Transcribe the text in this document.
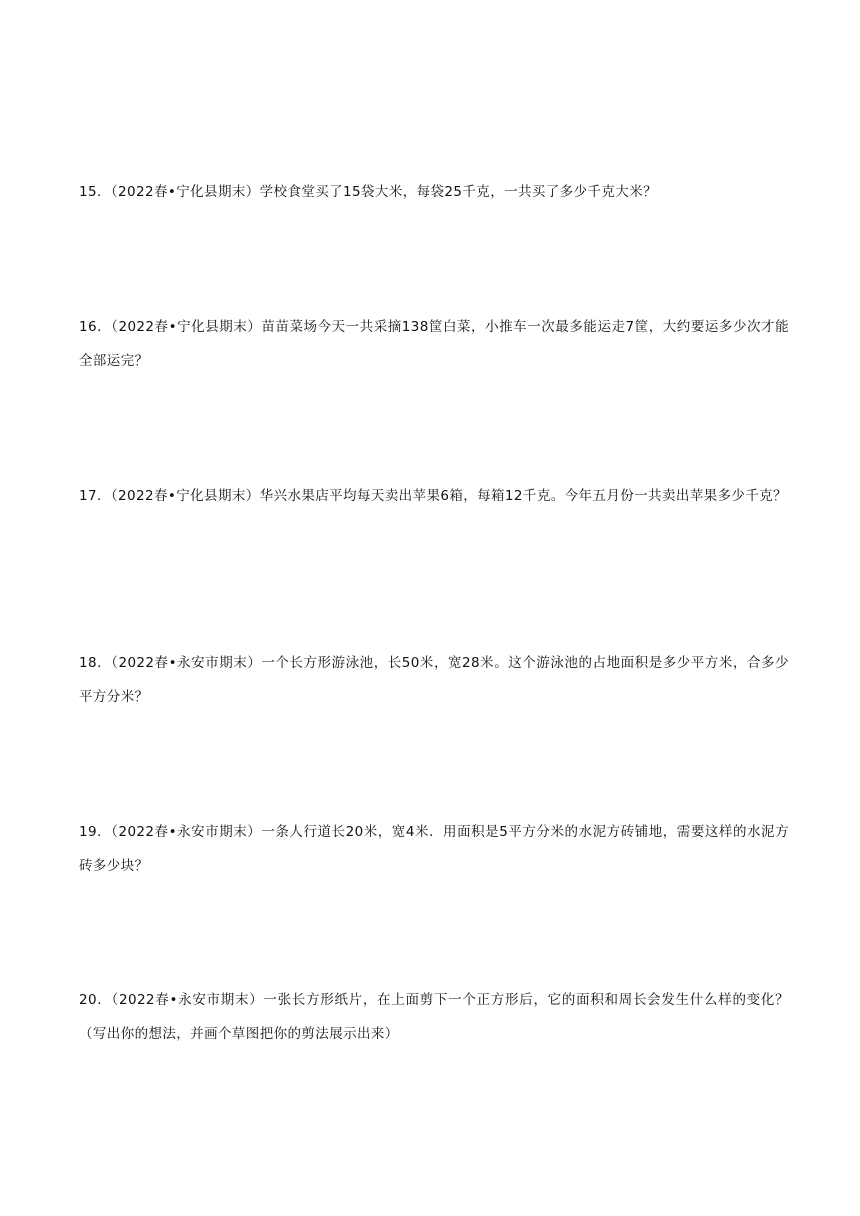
15．（2022春•宁化县期末）学校食堂买了15袋大米，每袋25千克，一共买了多少千克大米？

16．（2022春•宁化县期末）苗苗菜场今天一共采摘138筐白菜，小推车一次最多能运走7筐，大约要运多少次才能全部运完？

17．（2022春•宁化县期末）华兴水果店平均每天卖出苹果6箱，每箱12千克。今年五月份一共卖出苹果多少千克？

18．（2022春•永安市期末）一个长方形游泳池，长50米，宽28米。这个游泳池的占地面积是多少平方米，合多少平方分米？

19．（2022春•永安市期末）一条人行道长20米，宽4米．用面积是5平方分米的水泥方砖铺地，需要这样的水泥方砖多少块？

20．（2022春•永安市期末）一张长方形纸片，在上面剪下一个正方形后，它的面积和周长会发生什么样的变化？（写出你的想法，并画个草图把你的剪法展示出来）
